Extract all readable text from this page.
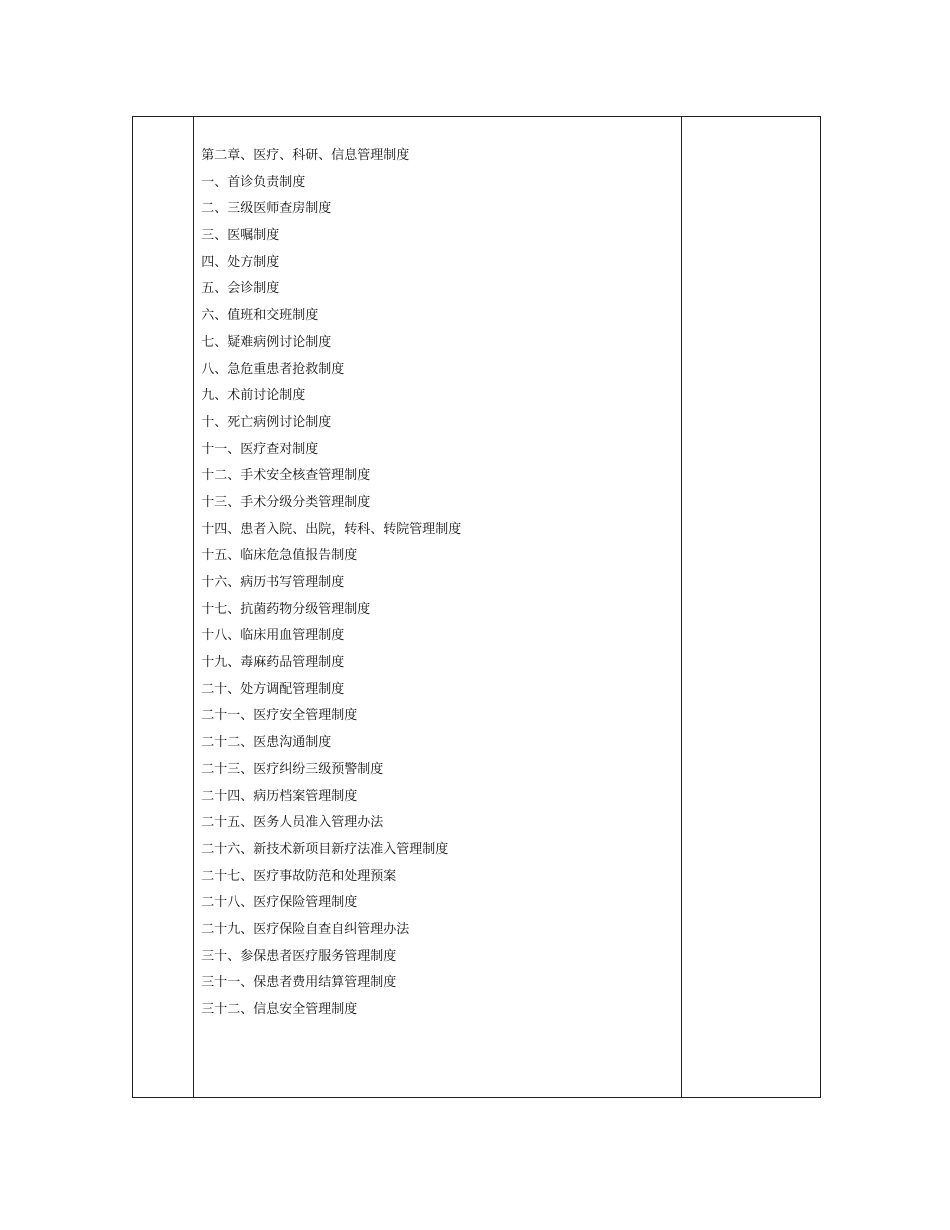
第二章、医疗、科研、信息管理制度
一、首诊负责制度
二、三级医师查房制度
三、医嘱制度
四、处方制度
五、会诊制度
六、值班和交班制度
七、疑难病例讨论制度
八、急危重患者抢救制度
九、术前讨论制度
十、死亡病例讨论制度
十一、医疗查对制度
十二、手术安全核查管理制度
十三、手术分级分类管理制度
十四、患者入院、出院，转科、转院管理制度
十五、临床危急值报告制度
十六、病历书写管理制度
十七、抗菌药物分级管理制度
十八、临床用血管理制度
十九、毒麻药品管理制度
二十、处方调配管理制度
二十一、医疗安全管理制度
二十二、医患沟通制度
二十三、医疗纠纷三级预警制度
二十四、病历档案管理制度
二十五、医务人员准入管理办法
二十六、新技术新项目新疗法准入管理制度
二十七、医疗事故防范和处理预案
二十八、医疗保险管理制度
二十九、医疗保险自查自纠管理办法
三十、参保患者医疗服务管理制度
三十一、保患者费用结算管理制度
三十二、信息安全管理制度
